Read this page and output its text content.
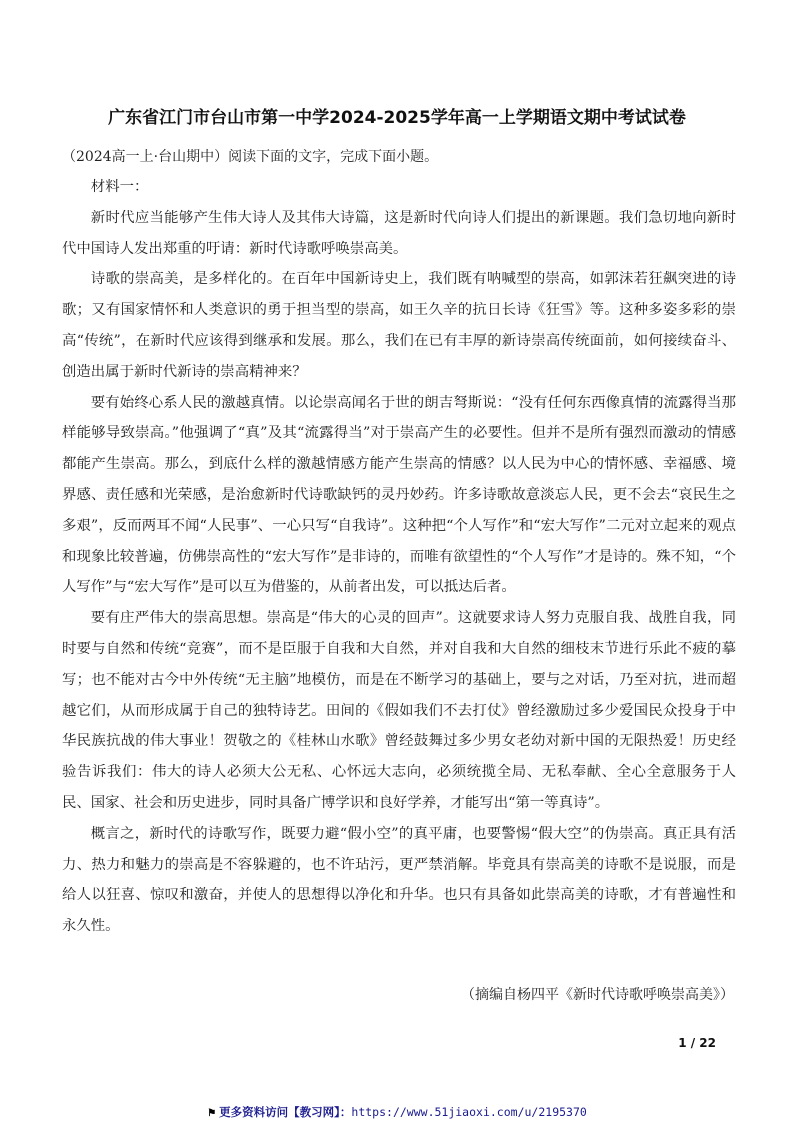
广东省江门市台山市第一中学2024-2025学年高一上学期语文期中考试试卷
（2024高一上·台山期中）阅读下面的文字，完成下面小题。

材料一：

新时代应当能够产生伟大诗人及其伟大诗篇，这是新时代向诗人们提出的新课题。我们急切地向新时代中国诗人发出郑重的吁请：新时代诗歌呼唤崇高美。

诗歌的崇高美，是多样化的。在百年中国新诗史上，我们既有呐喊型的崇高，如郭沫若狂飙突进的诗歌；又有国家情怀和人类意识的勇于担当型的崇高，如王久辛的抗日长诗《狂雪》等。这种多姿多彩的崇高“传统”，在新时代应该得到继承和发展。那么，我们在已有丰厚的新诗崇高传统面前，如何接续奋斗、创造出属于新时代新诗的崇高精神来？

要有始终心系人民的激越真情。以论崇高闻名于世的朗吉弩斯说：“没有任何东西像真情的流露得当那样能够导致崇高。”他强调了“真”及其“流露得当”对于崇高产生的必要性。但并不是所有强烈而激动的情感都能产生崇高。那么，到底什么样的激越情感方能产生崇高的情感？以人民为中心的情怀感、幸福感、境界感、责任感和光荣感，是治愈新时代诗歌缺钙的灵丹妙药。许多诗歌故意淡忘人民，更不会去“哀民生之多艰”，反而两耳不闻“人民事”、一心只写“自我诗”。这种把“个人写作”和“宏大写作”二元对立起来的观点和现象比较普遍，仿佛崇高性的“宏大写作”是非诗的，而唯有欲望性的“个人写作”才是诗的。殊不知，“个人写作”与“宏大写作”是可以互为借鉴的，从前者出发，可以抵达后者。

要有庄严伟大的崇高思想。崇高是“伟大的心灵的回声”。这就要求诗人努力克服自我、战胜自我，同时要与自然和传统“竞赛”，而不是臣服于自我和大自然，并对自我和大自然的细枝末节进行乐此不疲的摹写；也不能对古今中外传统“无主脑”地模仿，而是在不断学习的基础上，要与之对话，乃至对抗，进而超越它们，从而形成属于自己的独特诗艺。田间的《假如我们不去打仗》曾经激励过多少爱国民众投身于中华民族抗战的伟大事业！贺敬之的《桂林山水歌》曾经鼓舞过多少男女老幼对新中国的无限热爱！历史经验告诉我们：伟大的诗人必须大公无私、心怀远大志向，必须统揽全局、无私奉献、全心全意服务于人民、国家、社会和历史进步，同时具备广博学识和良好学养，才能写出“第一等真诗”。

概言之，新时代的诗歌写作，既要力避“假小空”的真平庸，也要警惕“假大空”的伪崇高。真正具有活力、热力和魅力的崇高是不容躲避的，也不许玷污，更严禁消解。毕竟具有崇高美的诗歌不是说服，而是给人以狂喜、惊叹和激奋，并使人的思想得以净化和升华。也只有具备如此崇高美的诗歌，才有普遍性和永久性。

（摘编自杨四平《新时代诗歌呼唤崇高美》）
1 / 22
⚑ 更多资料访问【教习网】：https://www.51jiaoxi.com/u/2195370
